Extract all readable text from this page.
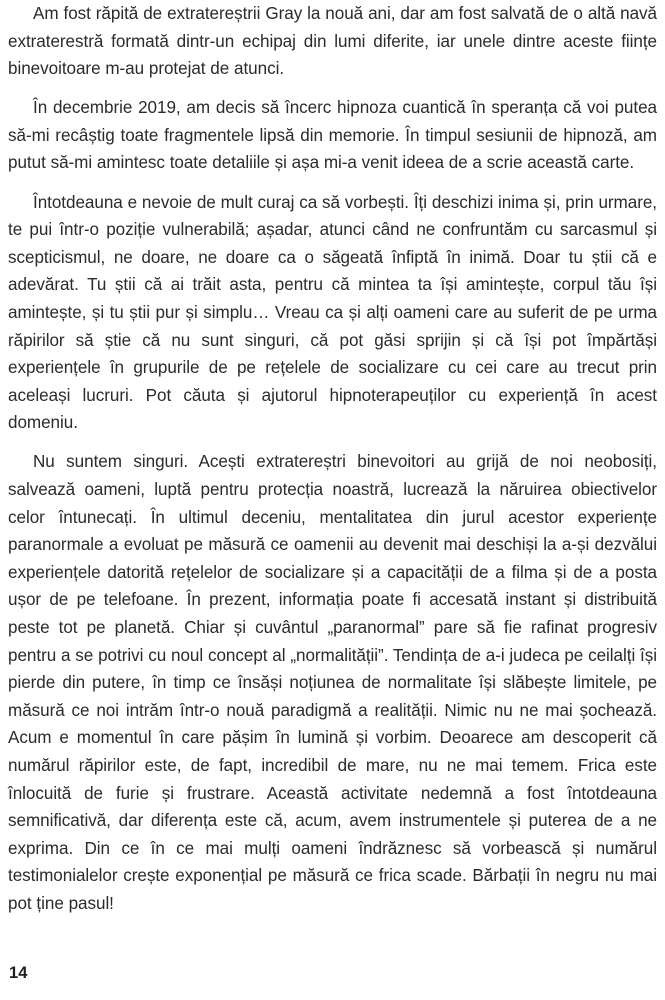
Am fost răpită de extratereștrii Gray la nouă ani, dar am fost salvată de o altă navă extraterestră formată dintr-un echipaj din lumi diferite, iar unele dintre aceste ființe binevoitoare m-au protejat de atunci.

În decembrie 2019, am decis să încerc hipnoza cuantică în speranța că voi putea să-mi recâștig toate fragmentele lipsă din memorie. În timpul sesiunii de hipnoză, am putut să-mi amintesc toate detaliile și așa mi-a venit ideea de a scrie această carte.

Întotdeauna e nevoie de mult curaj ca să vorbești. Îți deschizi inima și, prin urmare, te pui într-o poziție vulnerabilă; așadar, atunci când ne confruntăm cu sarcasmul și scepticismul, ne doare, ne doare ca o săgeată înfiptă în inimă. Doar tu știi că e adevărat. Tu știi că ai trăit asta, pentru că mintea ta își amintește, corpul tău își amintește, și tu știi pur și simplu… Vreau ca și alți oameni care au suferit de pe urma răpirilor să știe că nu sunt singuri, că pot găsi sprijin și că își pot împărtăși experiențele în grupurile de pe rețelele de socializare cu cei care au trecut prin aceleași lucruri. Pot căuta și ajutorul hipnoterapeuților cu experiență în acest domeniu.

Nu suntem singuri. Acești extratereștri binevoitori au grijă de noi neobosiți, salvează oameni, luptă pentru protecția noastră, lucrează la năruirea obiectivelor celor întunecați. În ultimul deceniu, mentalitatea din jurul acestor experiențe paranormale a evoluat pe măsură ce oamenii au devenit mai deschiși la a-și dezvălui experiențele datorită rețelelor de socializare și a capacității de a filma și de a posta ușor de pe telefoane. În prezent, informația poate fi accesată instant și distribuită peste tot pe planetă. Chiar și cuvântul „paranormal” pare să fie rafinat progresiv pentru a se potrivi cu noul concept al „normalității”. Tendința de a-i judeca pe ceilalți își pierde din putere, în timp ce însăși noțiunea de normalitate își slăbește limitele, pe măsură ce noi intrăm într-o nouă paradigmă a realității. Nimic nu ne mai șochează. Acum e momentul în care pășim în lumină și vorbim. Deoarece am descoperit că numărul răpirilor este, de fapt, incredibil de mare, nu ne mai temem. Frica este înlocuită de furie și frustrare. Această activitate nedemnă a fost întotdeauna semnificativă, dar diferența este că, acum, avem instrumentele și puterea de a ne exprima. Din ce în ce mai mulți oameni îndrăznesc să vorbească și numărul testimonialelor crește exponențial pe măsură ce frica scade. Bărbații în negru nu mai pot ține pasul!

14
